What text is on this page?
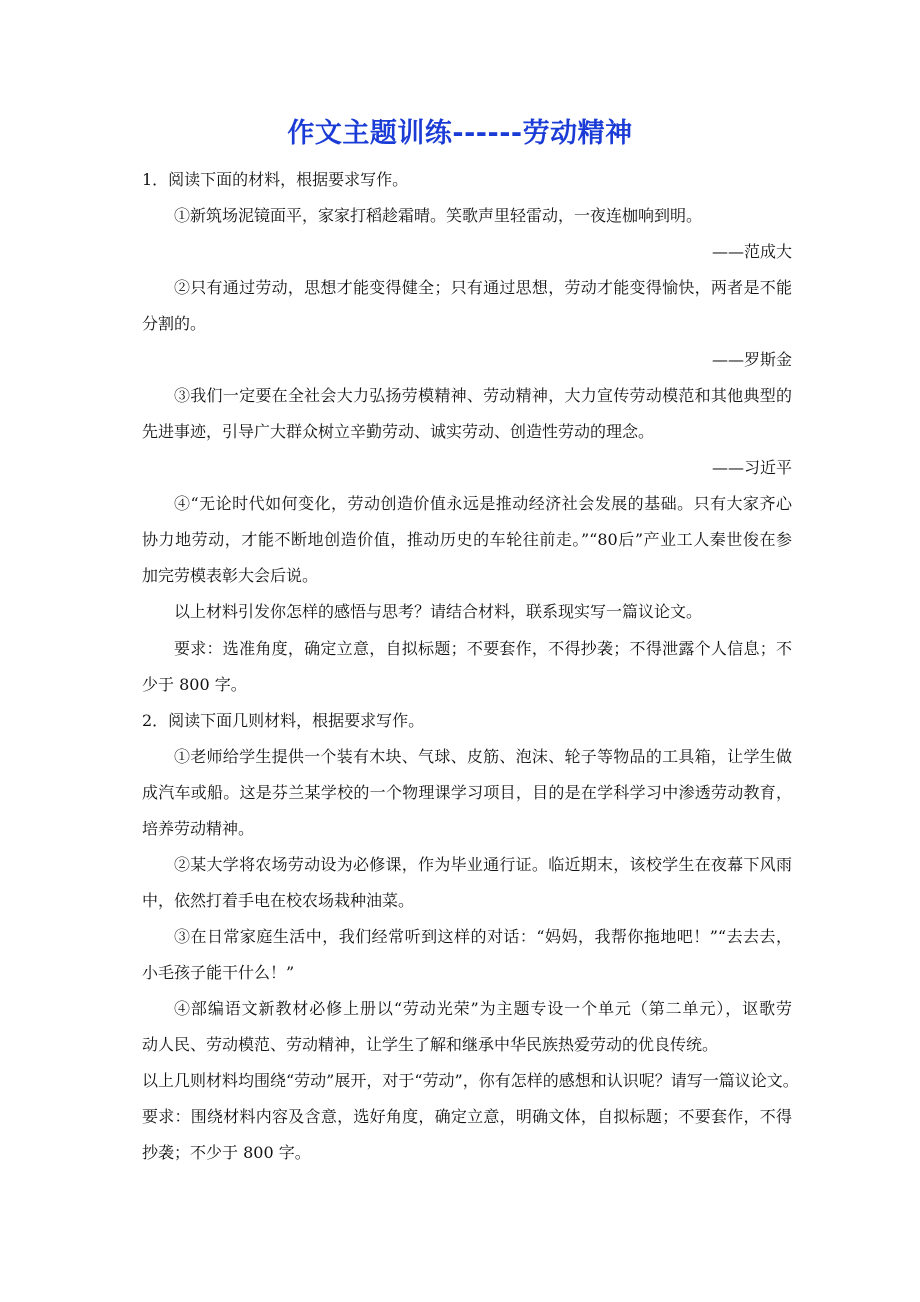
作文主题训练------劳动精神
1．阅读下面的材料，根据要求写作。
①新筑场泥镜面平，家家打稻趁霜晴。笑歌声里轻雷动，一夜连枷响到明。
——范成大
②只有通过劳动，思想才能变得健全；只有通过思想，劳动才能变得愉快，两者是不能
分割的。
——罗斯金
③我们一定要在全社会大力弘扬劳模精神、劳动精神，大力宣传劳动模范和其他典型的
先进事迹，引导广大群众树立辛勤劳动、诚实劳动、创造性劳动的理念。
——习近平
④“无论时代如何变化，劳动创造价值永远是推动经济社会发展的基础。只有大家齐心
协力地劳动，才能不断地创造价值，推动历史的车轮往前走。”“80后”产业工人秦世俊在参
加完劳模表彰大会后说。
以上材料引发你怎样的感悟与思考？请结合材料，联系现实写一篇议论文。
要求：选准角度，确定立意，自拟标题；不要套作，不得抄袭；不得泄露个人信息；不
少于 800 字。
2．阅读下面几则材料，根据要求写作。
①老师给学生提供一个装有木块、气球、皮筋、泡沫、轮子等物品的工具箱，让学生做
成汽车或船。这是芬兰某学校的一个物理课学习项目，目的是在学科学习中渗透劳动教育，
培养劳动精神。
②某大学将农场劳动设为必修课，作为毕业通行证。临近期末，该校学生在夜幕下风雨
中，依然打着手电在校农场栽种油菜。
③在日常家庭生活中，我们经常听到这样的对话：“妈妈，我帮你拖地吧！”“去去去，
小毛孩子能干什么！”
④部编语文新教材必修上册以“劳动光荣”为主题专设一个单元（第二单元），讴歌劳
动人民、劳动模范、劳动精神，让学生了解和继承中华民族热爱劳动的优良传统。
以上几则材料均围绕“劳动”展开，对于“劳动”，你有怎样的感想和认识呢？请写一篇议论文。
要求：围绕材料内容及含意，选好角度，确定立意，明确文体，自拟标题；不要套作，不得
抄袭；不少于 800 字。
